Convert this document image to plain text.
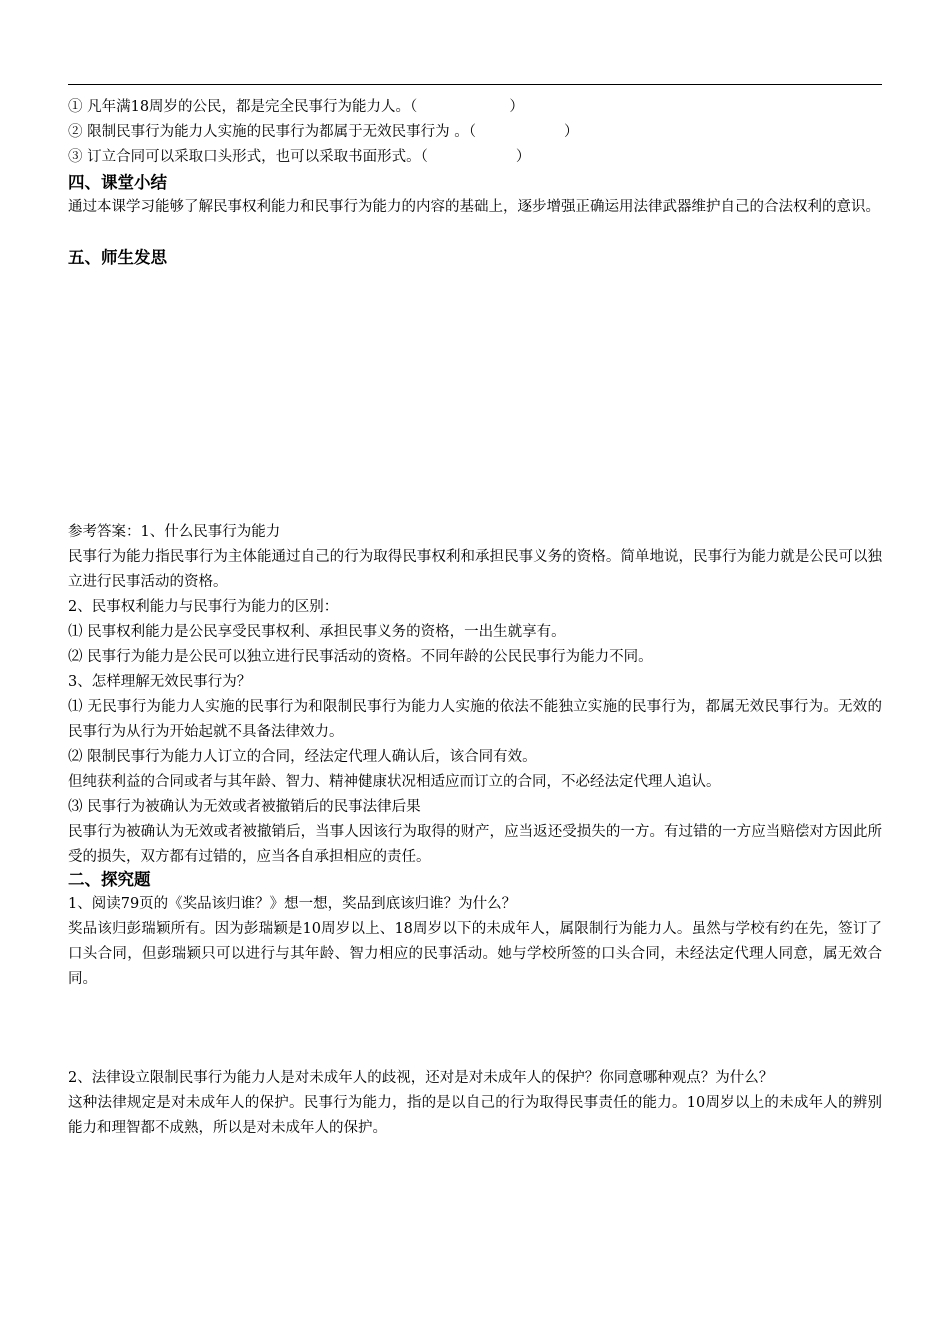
① 凡年满18周岁的公民，都是完全民事行为能力人。（	）
② 限制民事行为能力人实施的民事行为都属于无效民事行为 。（	）
③ 订立合同可以采取口头形式，也可以采取书面形式。（	）
四、课堂小结
通过本课学习能够了解民事权利能力和民事行为能力的内容的基础上，逐步增强正确运用法律武器维护自己的合法权利的意识。
五、师生发思
参考答案：1、什么民事行为能力
民事行为能力指民事行为主体能通过自己的行为取得民事权利和承担民事义务的资格。简单地说，民事行为能力就是公民可以独立进行民事活动的资格。
2、民事权利能力与民事行为能力的区别：
⑴ 民事权利能力是公民享受民事权利、承担民事义务的资格，一出生就享有。
⑵ 民事行为能力是公民可以独立进行民事活动的资格。不同年龄的公民民事行为能力不同。
3、怎样理解无效民事行为？
⑴ 无民事行为能力人实施的民事行为和限制民事行为能力人实施的依法不能独立实施的民事行为，都属无效民事行为。无效的民事行为从行为开始起就不具备法律效力。
⑵ 限制民事行为能力人订立的合同，经法定代理人确认后，该合同有效。
但纯获利益的合同或者与其年龄、智力、精神健康状况相适应而订立的合同，不必经法定代理人追认。
⑶ 民事行为被确认为无效或者被撤销后的民事法律后果
民事行为被确认为无效或者被撤销后，当事人因该行为取得的财产，应当返还受损失的一方。有过错的一方应当赔偿对方因此所受的损失，双方都有过错的，应当各自承担相应的责任。
二、探究题
1、阅读79页的《奖品该归谁？》想一想，奖品到底该归谁？为什么？
奖品该归彭瑞颖所有。因为彭瑞颖是10周岁以上、18周岁以下的未成年人，属限制行为能力人。虽然与学校有约在先，签订了口头合同，但彭瑞颖只可以进行与其年龄、智力相应的民事活动。她与学校所签的口头合同，未经法定代理人同意，属无效合同。
2、法律设立限制民事行为能力人是对未成年人的歧视，还对是对未成年人的保护？你同意哪种观点？为什么？
这种法律规定是对未成年人的保护。民事行为能力，指的是以自己的行为取得民事责任的能力。10周岁以上的未成年人的辨别能力和理智都不成熟，所以是对未成年人的保护。
